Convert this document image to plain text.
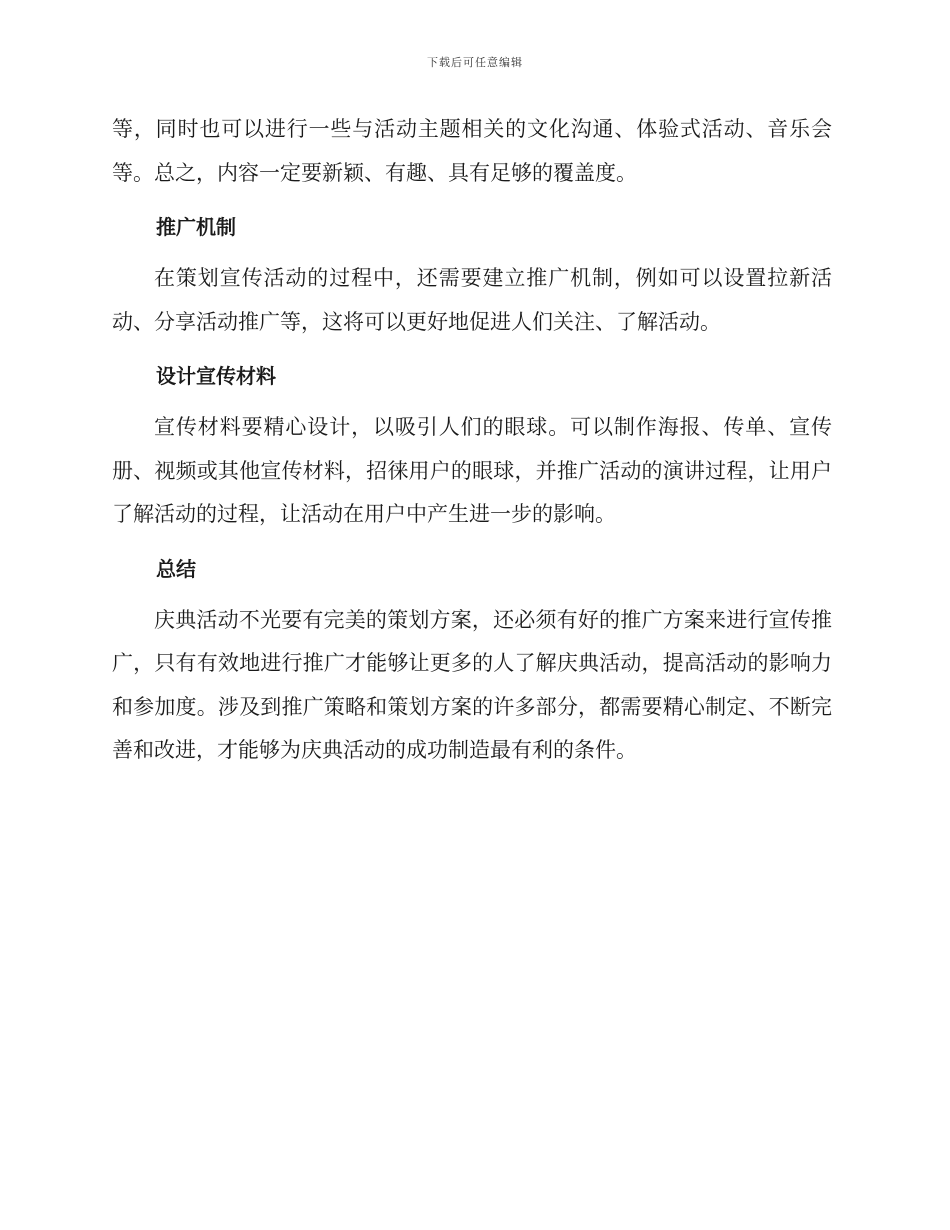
下载后可任意编辑

等，同时也可以进行一些与活动主题相关的文化沟通、体验式活动、音乐会等。总之，内容一定要新颖、有趣、具有足够的覆盖度。

推广机制

在策划宣传活动的过程中，还需要建立推广机制，例如可以设置拉新活动、分享活动推广等，这将可以更好地促进人们关注、了解活动。

设计宣传材料

宣传材料要精心设计，以吸引人们的眼球。可以制作海报、传单、宣传册、视频或其他宣传材料，招徕用户的眼球，并推广活动的演讲过程，让用户了解活动的过程，让活动在用户中产生进一步的影响。

总结

庆典活动不光要有完美的策划方案，还必须有好的推广方案来进行宣传推广，只有有效地进行推广才能够让更多的人了解庆典活动，提高活动的影响力和参加度。涉及到推广策略和策划方案的许多部分，都需要精心制定、不断完善和改进，才能够为庆典活动的成功制造最有利的条件。
